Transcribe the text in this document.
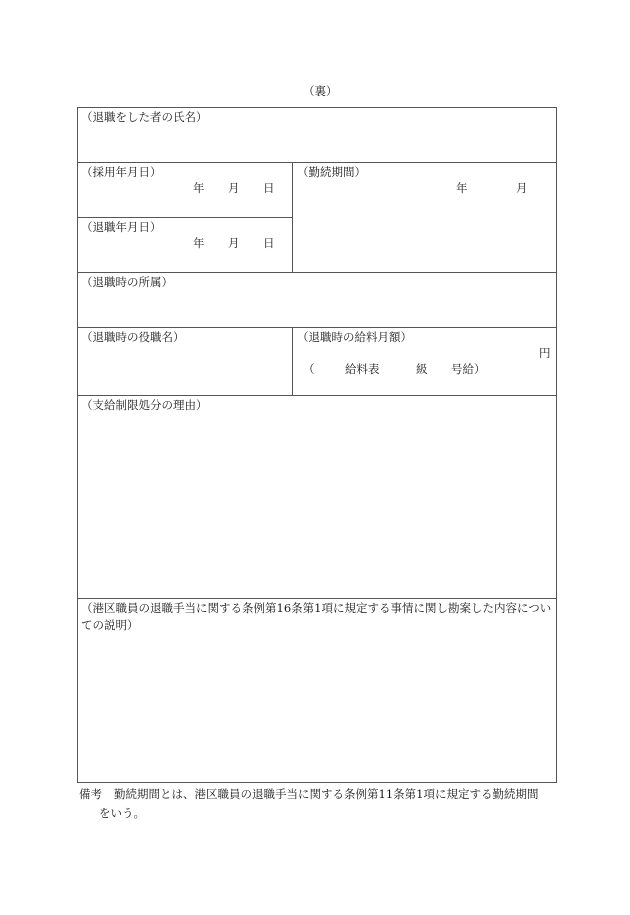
（裏）
（退職をした者の氏名）
（採用年月日）
年 月 日
（退職年月日）
年 月 日
（勤続期間）
年	月
（退職時の所属）
（退職時の役職名）	（退職時の給料月額）
円
（	給料表	級 号給）
（支給制限処分の理由）
（港区職員の退職手当に関する条例第16条第1項に規定する事情に関し勘案した内容についての説明）
備考 勤続期間とは、港区職員の退職手当に関する条例第11条第1項に規定する勤続期間
をいう。
